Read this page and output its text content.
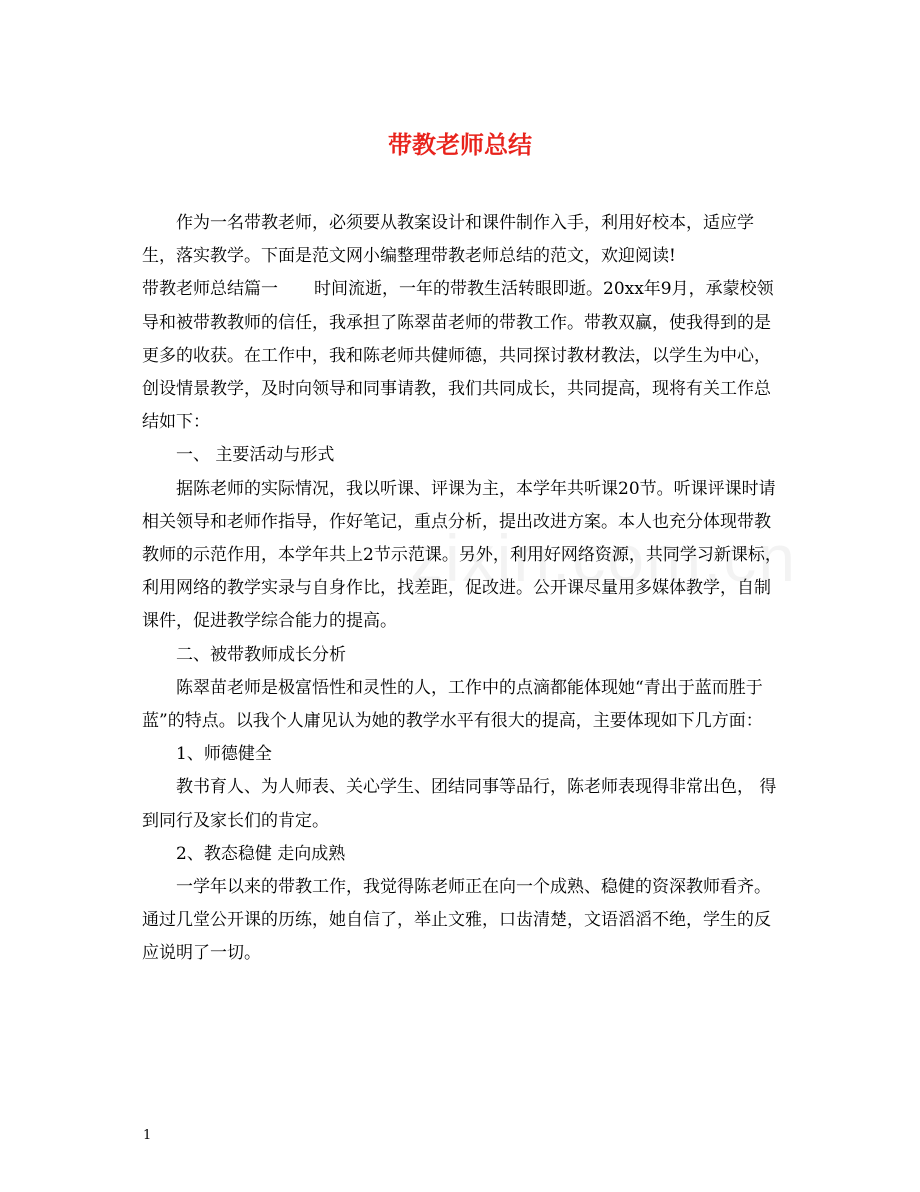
带教老师总结

作为一名带教老师，必须要从教案设计和课件制作入手，利用好校本，适应学生，落实教学。下面是范文网小编整理带教老师总结的范文，欢迎阅读!

带教老师总结篇一 时间流逝，一年的带教生活转眼即逝。20xx年9月，承蒙校领导和被带教教师的信任，我承担了陈翠苗老师的带教工作。带教双赢，使我得到的是更多的收获。在工作中，我和陈老师共健师德，共同探讨教材教法，以学生为中心，创设情景教学，及时向领导和同事请教，我们共同成长，共同提高，现将有关工作总结如下：

一、 主要活动与形式

据陈老师的实际情况，我以听课、评课为主，本学年共听课20节。听课评课时请相关领导和老师作指导，作好笔记，重点分析，提出改进方案。本人也充分体现带教教师的示范作用，本学年共上2节示范课。另外，利用好网络资源，共同学习新课标，利用网络的教学实录与自身作比，找差距，促改进。公开课尽量用多媒体教学，自制课件，促进教学综合能力的提高。

二、被带教师成长分析

陈翠苗老师是极富悟性和灵性的人，工作中的点滴都能体现她“青出于蓝而胜于蓝”的特点。以我个人庸见认为她的教学水平有很大的提高，主要体现如下几方面：

1、师德健全

教书育人、为人师表、关心学生、团结同事等品行，陈老师表现得非常出色， 得到同行及家长们的肯定。

2、教态稳健 走向成熟

一学年以来的带教工作，我觉得陈老师正在向一个成熟、稳健的资深教师看齐。通过几堂公开课的历练，她自信了，举止文雅，口齿清楚，文语滔滔不绝，学生的反应说明了一切。

1
